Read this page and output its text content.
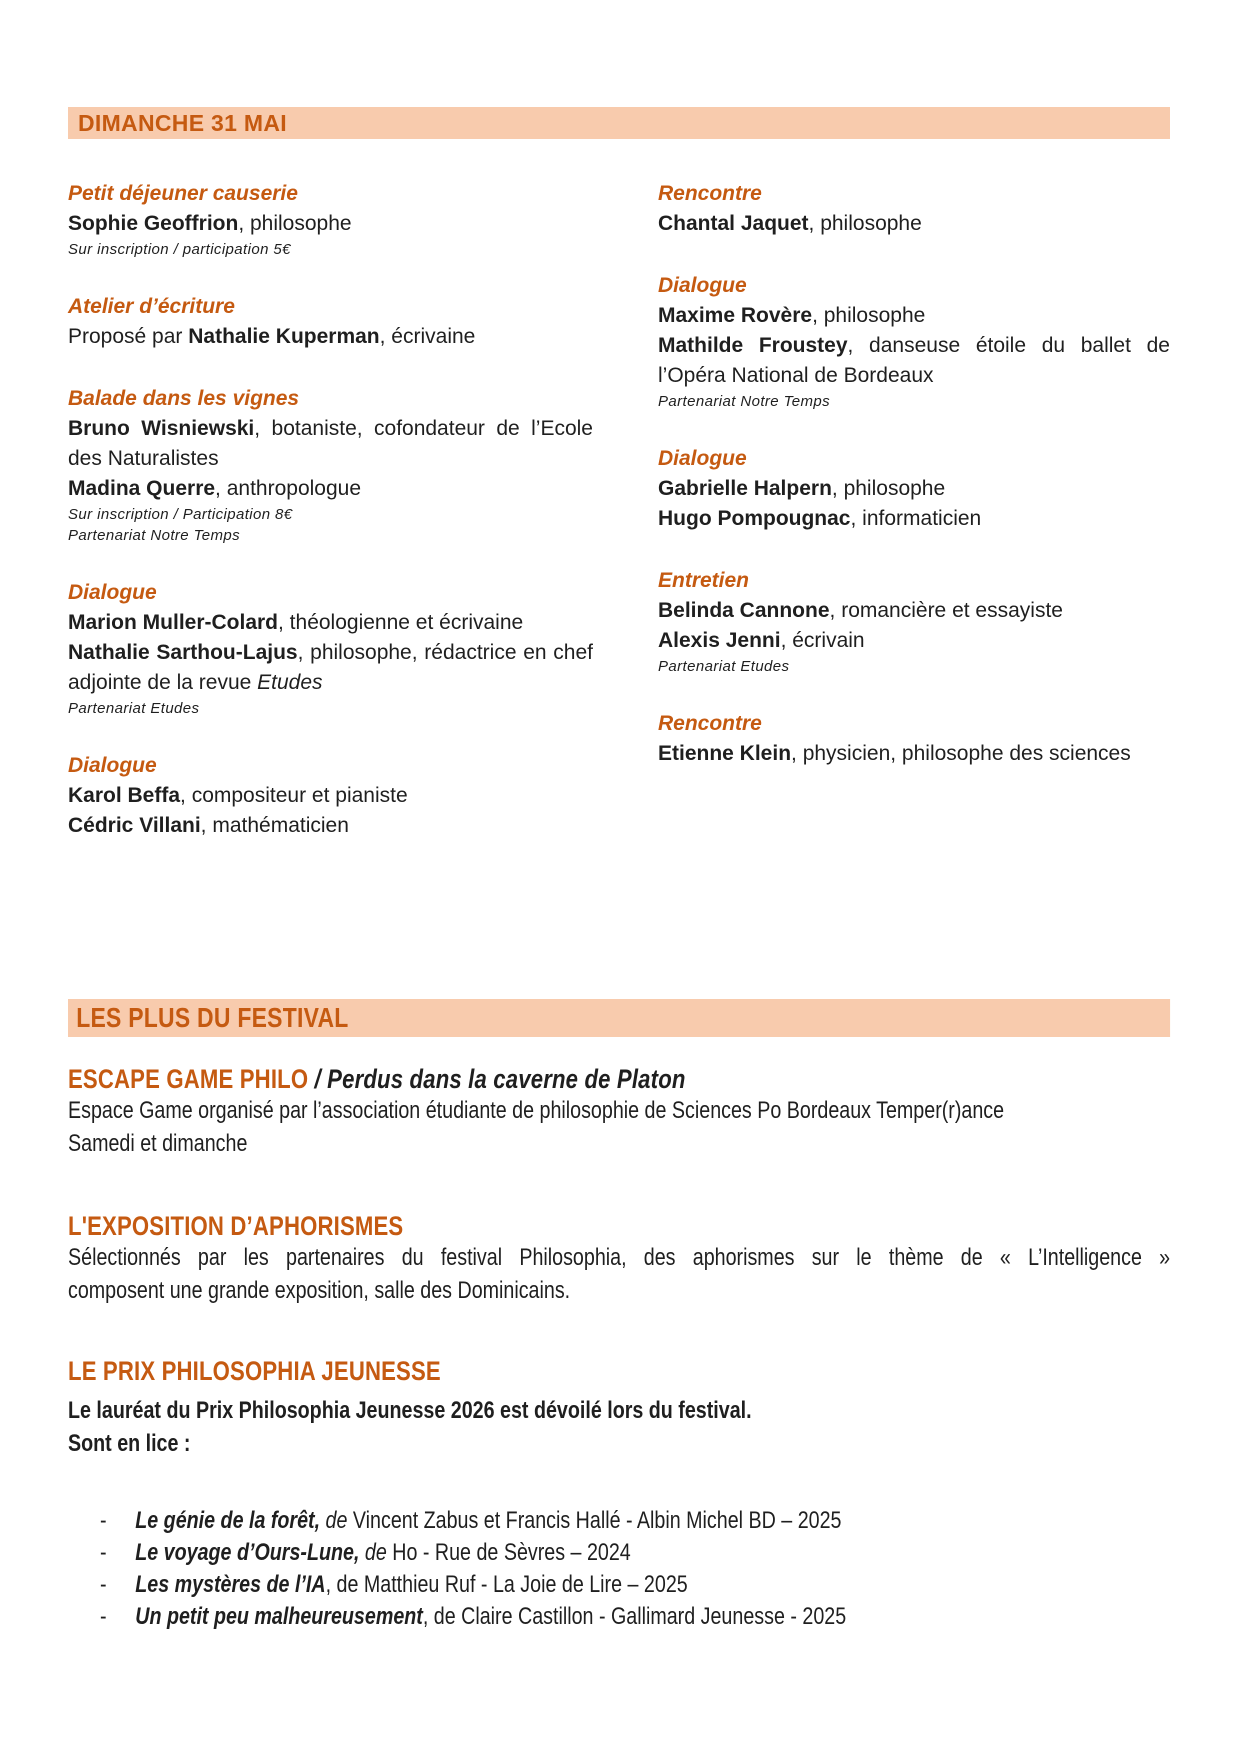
DIMANCHE 31 MAI
Petit déjeuner causerie
Sophie Geoffrion, philosophe
Sur inscription / participation 5€
Atelier d’écriture
Proposé par Nathalie Kuperman, écrivaine
Balade dans les vignes
Bruno Wisniewski, botaniste, cofondateur de l’Ecole des Naturalistes
Madina Querre, anthropologue
Sur inscription / Participation 8€
Partenariat Notre Temps
Dialogue
Marion Muller-Colard, théologienne et écrivaine
Nathalie Sarthou-Lajus, philosophe, rédactrice en chef adjointe de la revue Etudes
Partenariat Etudes
Dialogue
Karol Beffa, compositeur et pianiste
Cédric Villani, mathématicien
Rencontre
Chantal Jaquet, philosophe
Dialogue
Maxime Rovère, philosophe
Mathilde Froustey, danseuse étoile du ballet de l’Opéra National de Bordeaux
Partenariat Notre Temps
Dialogue
Gabrielle Halpern, philosophe
Hugo Pompougnac, informaticien
Entretien
Belinda Cannone, romancière et essayiste
Alexis Jenni, écrivain
Partenariat Etudes
Rencontre
Etienne Klein, physicien, philosophe des sciences
LES PLUS DU FESTIVAL
ESCAPE GAME PHILO / Perdus dans la caverne de Platon
Espace Game organisé par l’association étudiante de philosophie de Sciences Po Bordeaux Temper(r)ance
Samedi et dimanche
L'EXPOSITION D’APHORISMES
Sélectionnés par les partenaires du festival Philosophia, des aphorismes sur le thème de « L’Intelligence »
composent une grande exposition, salle des Dominicains.
LE PRIX PHILOSOPHIA JEUNESSE
Le lauréat du Prix Philosophia Jeunesse 2026 est dévoilé lors du festival.
Sont en lice :
-	Le génie de la forêt, de Vincent Zabus et Francis Hallé - Albin Michel BD – 2025
-	Le voyage d’Ours-Lune, de Ho - Rue de Sèvres – 2024
-	Les mystères de l’IA, de Matthieu Ruf - La Joie de Lire – 2025
-	Un petit peu malheureusement, de Claire Castillon - Gallimard Jeunesse - 2025
